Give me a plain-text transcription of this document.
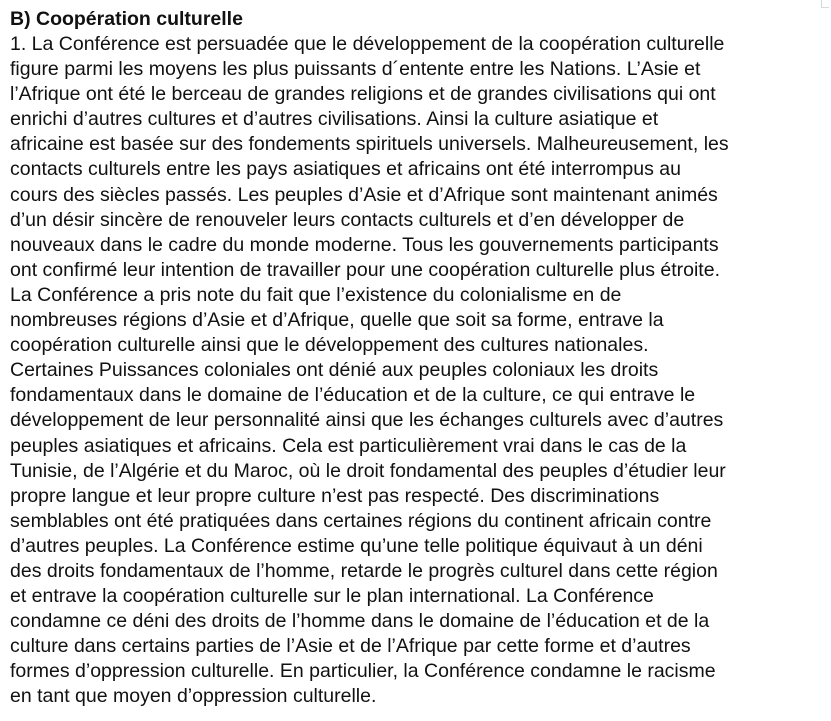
B) Coopération culturelle

1. La Conférence est persuadée que le développement de la coopération culturelle

figure parmi les moyens les plus puissants d´entente entre les Nations. L’Asie et

l’Afrique ont été le berceau de grandes religions et de grandes civilisations qui ont

enrichi d’autres cultures et d’autres civilisations. Ainsi la culture asiatique et

africaine est basée sur des fondements spirituels universels. Malheureusement, les

contacts culturels entre les pays asiatiques et africains ont été interrompus au

cours des siècles passés. Les peuples d’Asie et d’Afrique sont maintenant animés

d’un désir sincère de renouveler leurs contacts culturels et d’en développer de

nouveaux dans le cadre du monde moderne. Tous les gouvernements participants

ont confirmé leur intention de travailler pour une coopération culturelle plus étroite.

La Conférence a pris note du fait que l’existence du colonialisme en de

nombreuses régions d’Asie et d’Afrique, quelle que soit sa forme, entrave la

coopération culturelle ainsi que le développement des cultures nationales.

Certaines Puissances coloniales ont dénié aux peuples coloniaux les droits

fondamentaux dans le domaine de l’éducation et de la culture, ce qui entrave le

développement de leur personnalité ainsi que les échanges culturels avec d’autres

peuples asiatiques et africains. Cela est particulièrement vrai dans le cas de la

Tunisie, de l’Algérie et du Maroc, où le droit fondamental des peuples d’étudier leur

propre langue et leur propre culture n’est pas respecté. Des discriminations

semblables ont été pratiquées dans certaines régions du continent africain contre

d’autres peuples. La Conférence estime qu’une telle politique équivaut à un déni

des droits fondamentaux de l’homme, retarde le progrès culturel dans cette région

et entrave la coopération culturelle sur le plan international. La Conférence

condamne ce déni des droits de l’homme dans le domaine de l’éducation et de la

culture dans certains parties de l’Asie et de l’Afrique par cette forme et d’autres

formes d’oppression culturelle. En particulier, la Conférence condamne le racisme

en tant que moyen d’oppression culturelle.
